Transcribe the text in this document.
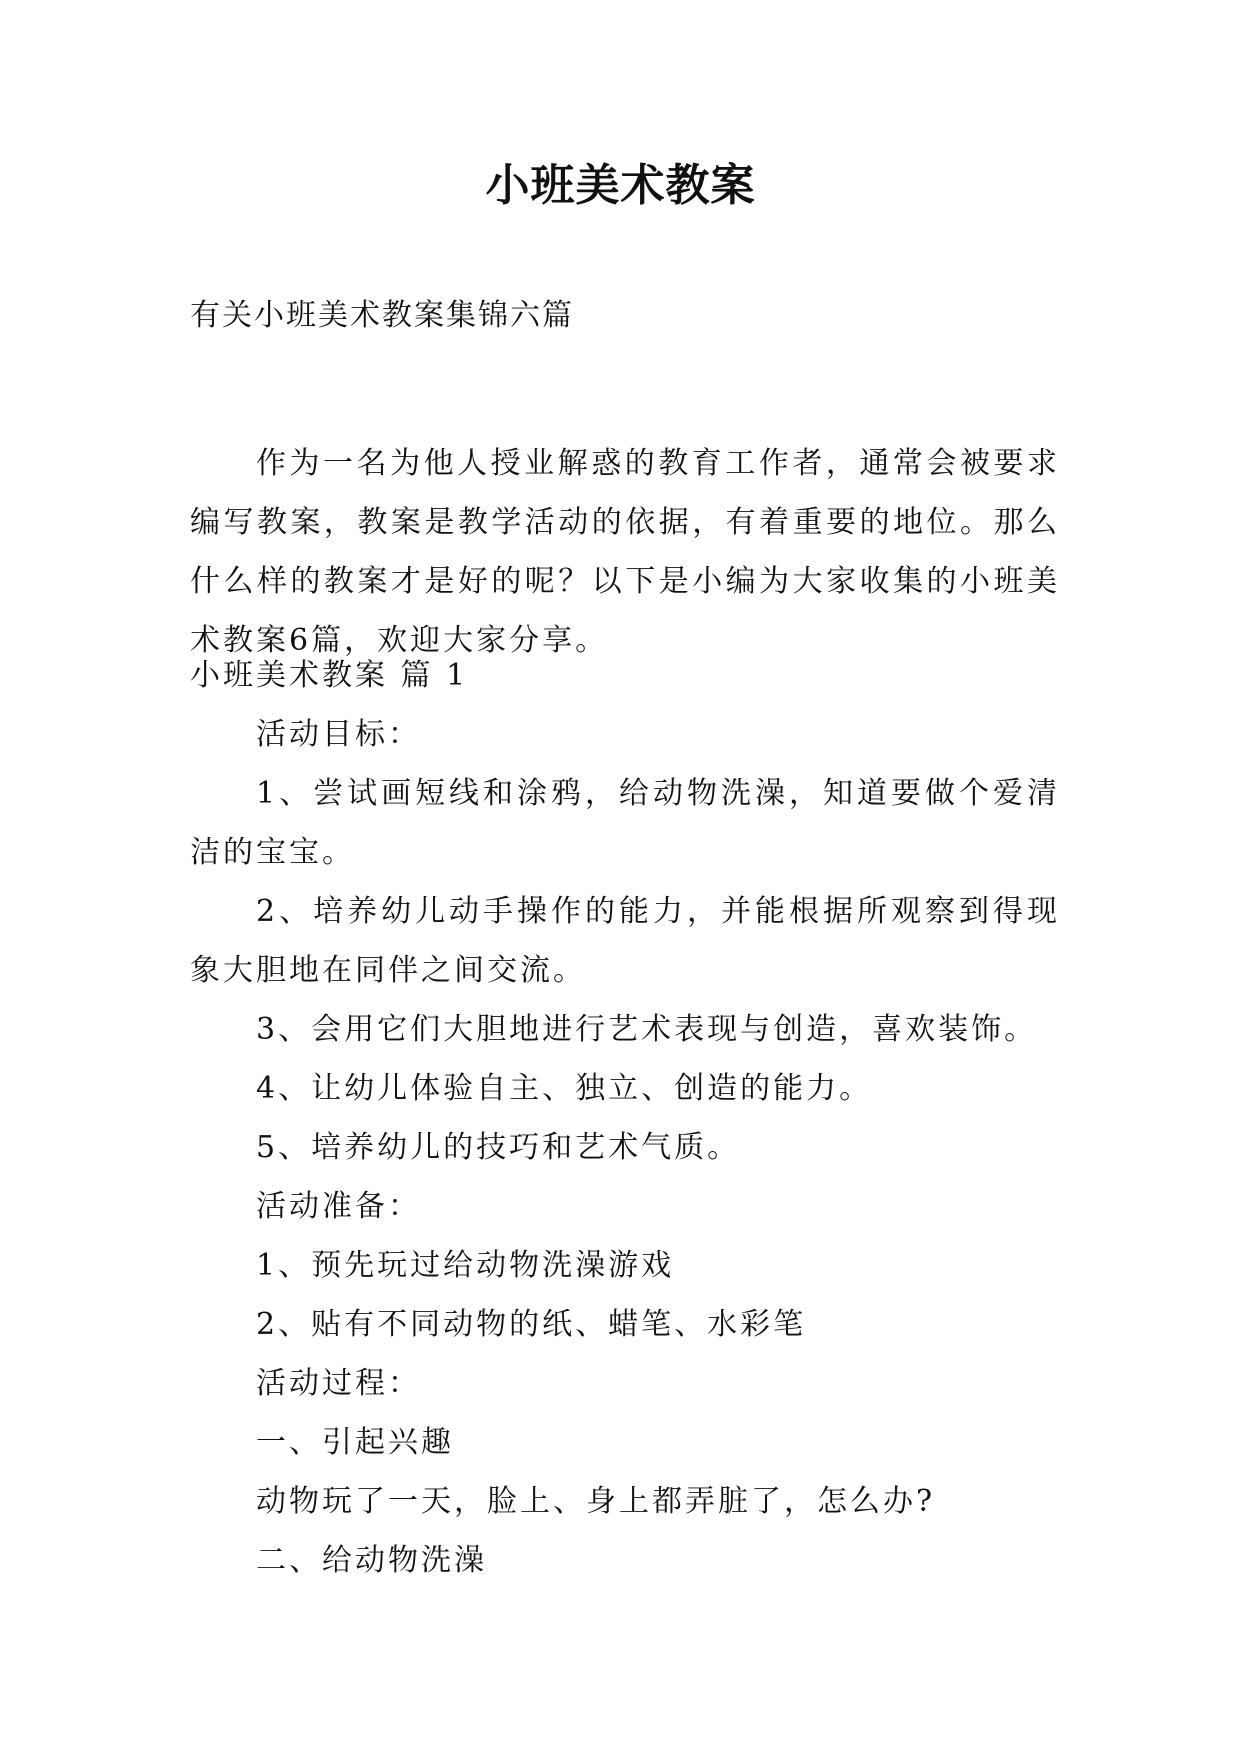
小班美术教案
有关小班美术教案集锦六篇

作为一名为他人授业解惑的教育工作者，通常会被要求编写教案，教案是教学活动的依据，有着重要的地位。那么什么样的教案才是好的呢？以下是小编为大家收集的小班美术教案6篇，欢迎大家分享。

小班美术教案 篇 1

活动目标：

1、尝试画短线和涂鸦，给动物洗澡，知道要做个爱清洁的宝宝。

2、培养幼儿动手操作的能力，并能根据所观察到得现象大胆地在同伴之间交流。

3、会用它们大胆地进行艺术表现与创造，喜欢装饰。

4、让幼儿体验自主、独立、创造的能力。

5、培养幼儿的技巧和艺术气质。

活动准备：

1、预先玩过给动物洗澡游戏

2、贴有不同动物的纸、蜡笔、水彩笔

活动过程：

一、引起兴趣

动物玩了一天，脸上、身上都弄脏了，怎么办?

二、给动物洗澡
